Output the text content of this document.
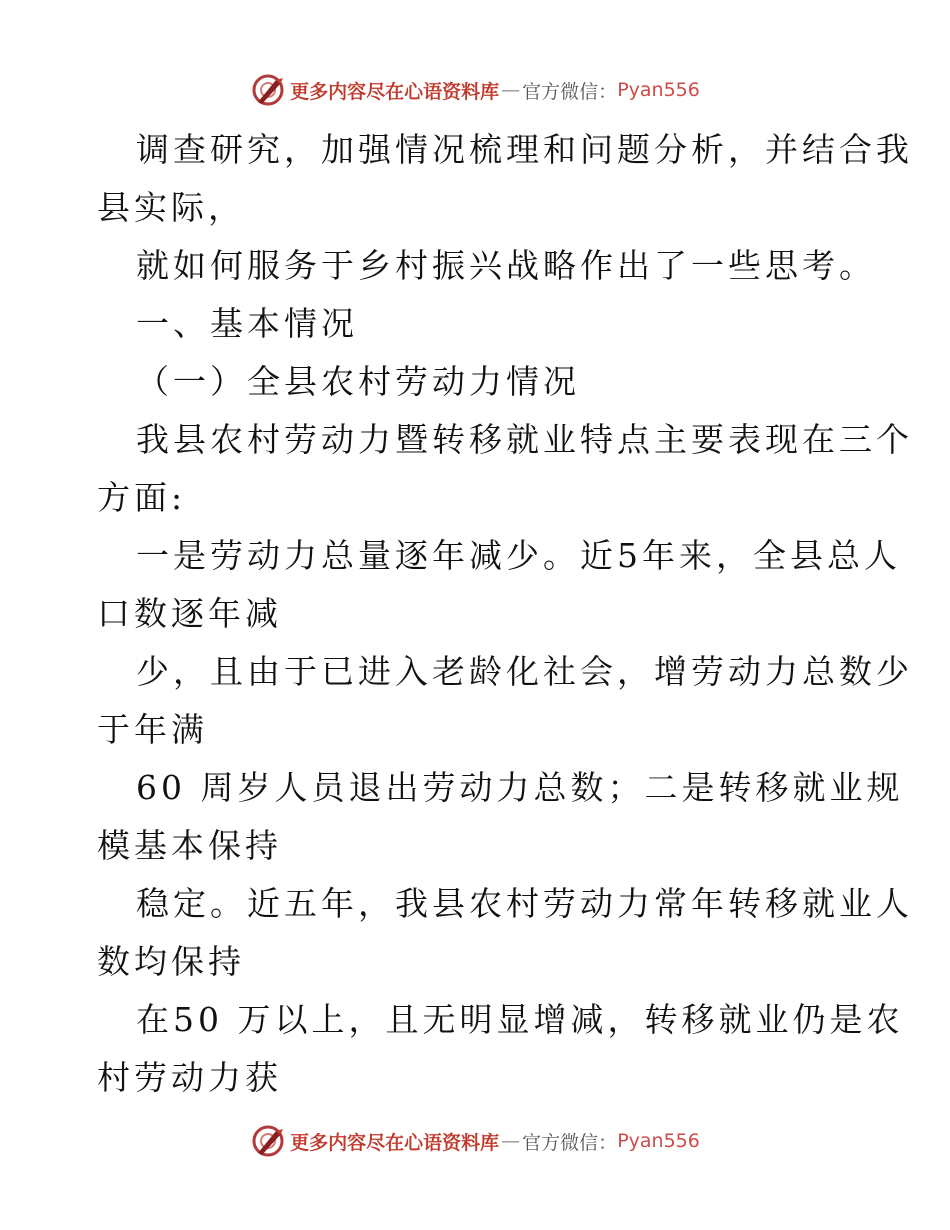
更多内容尽在心语资料库 — 官方微信： Pyan556
调查研究，加强情况梳理和问题分析，并结合我
县实际，
就如何服务于乡村振兴战略作出了一些思考。
一、基本情况
（一）全县农村劳动力情况
我县农村劳动力暨转移就业特点主要表现在三个
方面:
一是劳动力总量逐年减少。近5年来，全县总人
口数逐年减
少，且由于已进入老龄化社会，增劳动力总数少
于年满
60 周岁人员退出劳动力总数；二是转移就业规
模基本保持
稳定。近五年，我县农村劳动力常年转移就业人
数均保持
在50 万以上，且无明显增减，转移就业仍是农
村劳动力获
更多内容尽在心语资料库 — 官方微信： Pyan556
